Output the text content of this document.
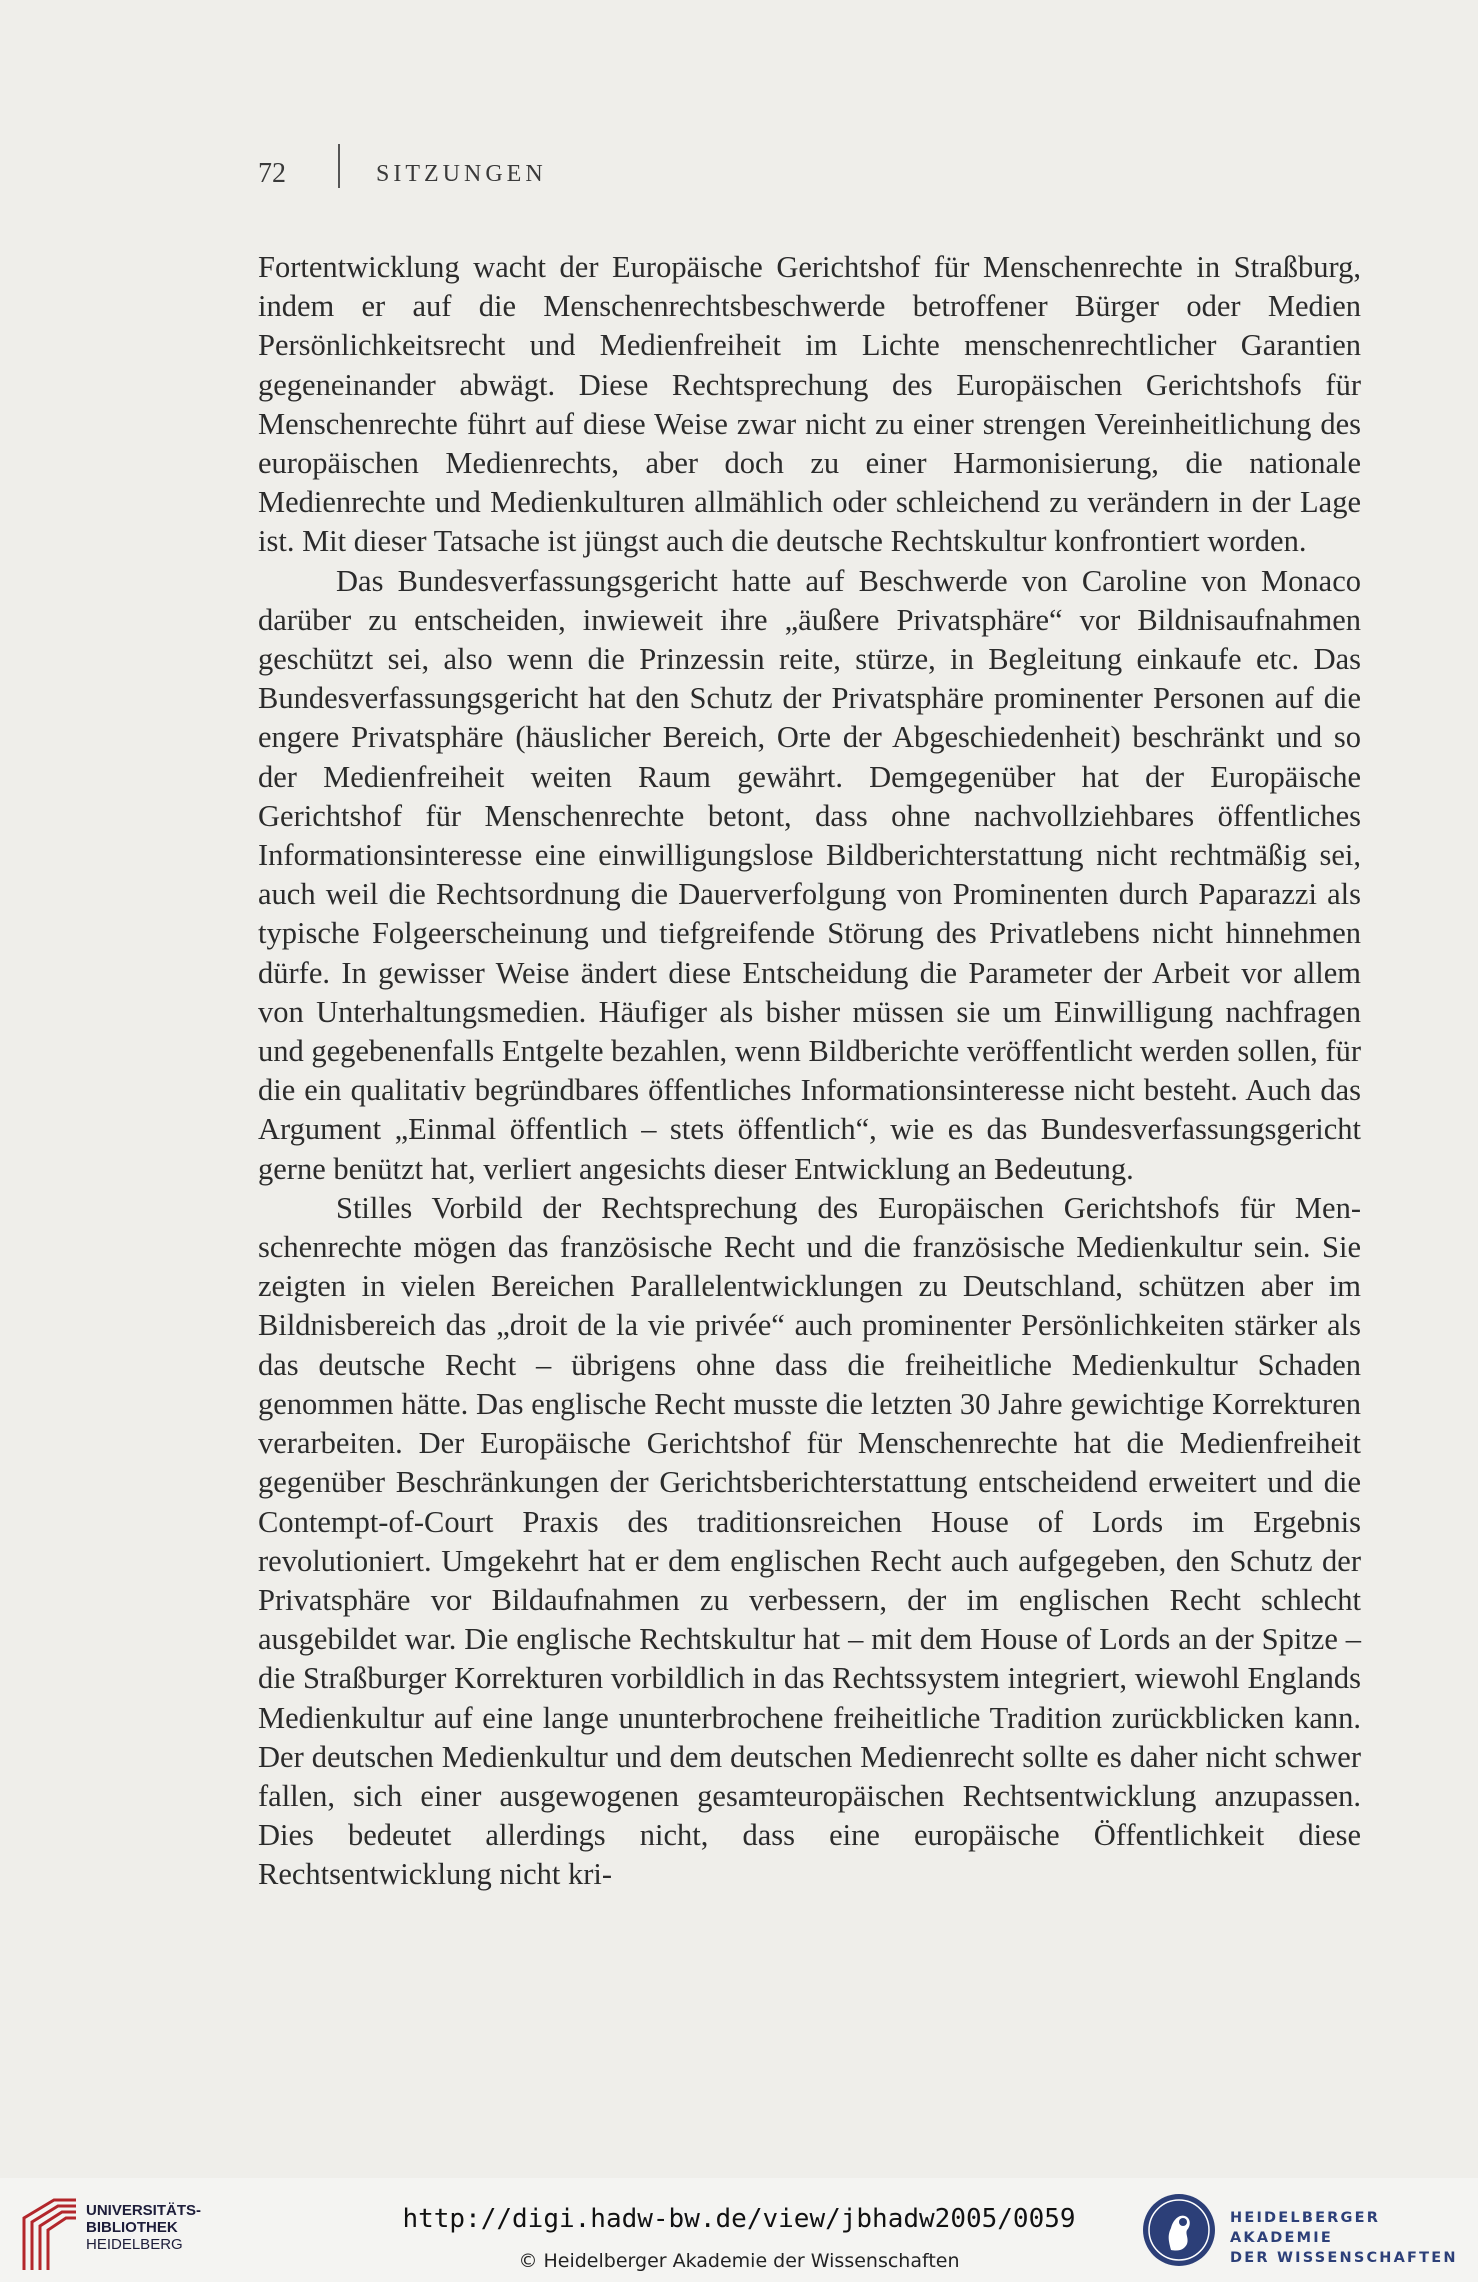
72	SITZUNGEN

Fortentwicklung wacht der Europäische Gerichtshof für Menschenrechte in Straßburg, indem er auf die Menschenrechtsbeschwerde betroffener Bürger oder Medien Persönlichkeitsrecht und Medienfreiheit im Lichte menschenrechtlicher Garantien gegeneinander abwägt. Diese Rechtsprechung des Europäischen Gerichtshofs für Menschenrechte führt auf diese Weise zwar nicht zu einer strengen Vereinheitlichung des europäischen Medienrechts, aber doch zu einer Harmonisierung, die nationale Medienrechte und Medienkulturen allmählich oder schleichend zu verändern in der Lage ist. Mit dieser Tatsache ist jüngst auch die deutsche Rechtskultur konfrontiert worden.

Das Bundesverfassungsgericht hatte auf Beschwerde von Caroline von Monaco darüber zu entscheiden, inwieweit ihre „äußere Privatsphäre“ vor Bildnisaufnahmen geschützt sei, also wenn die Prinzessin reite, stürze, in Begleitung einkaufe etc. Das Bundesverfassungsgericht hat den Schutz der Privatsphäre prominenter Personen auf die engere Privatsphäre (häuslicher Bereich, Orte der Abgeschiedenheit) beschränkt und so der Medienfreiheit weiten Raum gewährt. Demgegenüber hat der Europäische Gerichtshof für Menschenrechte betont, dass ohne nachvollziehbares öffentliches Informationsinteresse eine einwilligungslose Bildberichterstattung nicht rechtmäßig sei, auch weil die Rechtsordnung die Dauerverfolgung von Prominenten durch Paparazzi als typische Folgeerscheinung und tiefgreifende Störung des Privatlebens nicht hinnehmen dürfe. In gewisser Weise ändert diese Entscheidung die Parameter der Arbeit vor allem von Unterhaltungsmedien. Häufiger als bisher müssen sie um Einwilligung nachfragen und gegebenenfalls Entgelte bezahlen, wenn Bildberichte veröffentlicht werden sollen, für die ein qualitativ begründbares öffentliches Informationsinteresse nicht besteht. Auch das Argument „Einmal öffentlich – stets öffentlich“, wie es das Bundesverfassungsgericht gerne benützt hat, verliert angesichts dieser Entwicklung an Bedeutung.

Stilles Vorbild der Rechtsprechung des Europäischen Gerichtshofs für Menschenrechte mögen das französische Recht und die französische Medienkultur sein. Sie zeigten in vielen Bereichen Parallelentwicklungen zu Deutschland, schützen aber im Bildnisbereich das „droit de la vie privée“ auch prominenter Persönlichkeiten stärker als das deutsche Recht – übrigens ohne dass die freiheitliche Medienkultur Schaden genommen hätte. Das englische Recht musste die letzten 30 Jahre gewichtige Korrekturen verarbeiten. Der Europäische Gerichtshof für Menschenrechte hat die Medienfreiheit gegenüber Beschränkungen der Gerichtsberichterstattung entscheidend erweitert und die Contempt-of-Court Praxis des traditionsreichen House of Lords im Ergebnis revolutioniert. Umgekehrt hat er dem englischen Recht auch aufgegeben, den Schutz der Privatsphäre vor Bildaufnahmen zu verbessern, der im englischen Recht schlecht ausgebildet war. Die englische Rechtskultur hat – mit dem House of Lords an der Spitze – die Straßburger Korrekturen vorbildlich in das Rechtssystem integriert, wiewohl Englands Medienkultur auf eine lange ununterbrochene freiheitliche Tradition zurückblicken kann. Der deutschen Medienkultur und dem deutschen Medienrecht sollte es daher nicht schwer fallen, sich einer ausgewogenen gesamteuropäischen Rechtsentwicklung anzupassen. Dies bedeutet allerdings nicht, dass eine europäische Öffentlichkeit diese Rechtsentwicklung nicht kri-

UNIVERSITÄTS-
BIBLIOTHEK
HEIDELBERG
http://digi.hadw-bw.de/view/jbhadw2005/0059
© Heidelberger Akademie der Wissenschaften
HEIDELBERGER AKADEMIE
DER WISSENSCHAFTEN
